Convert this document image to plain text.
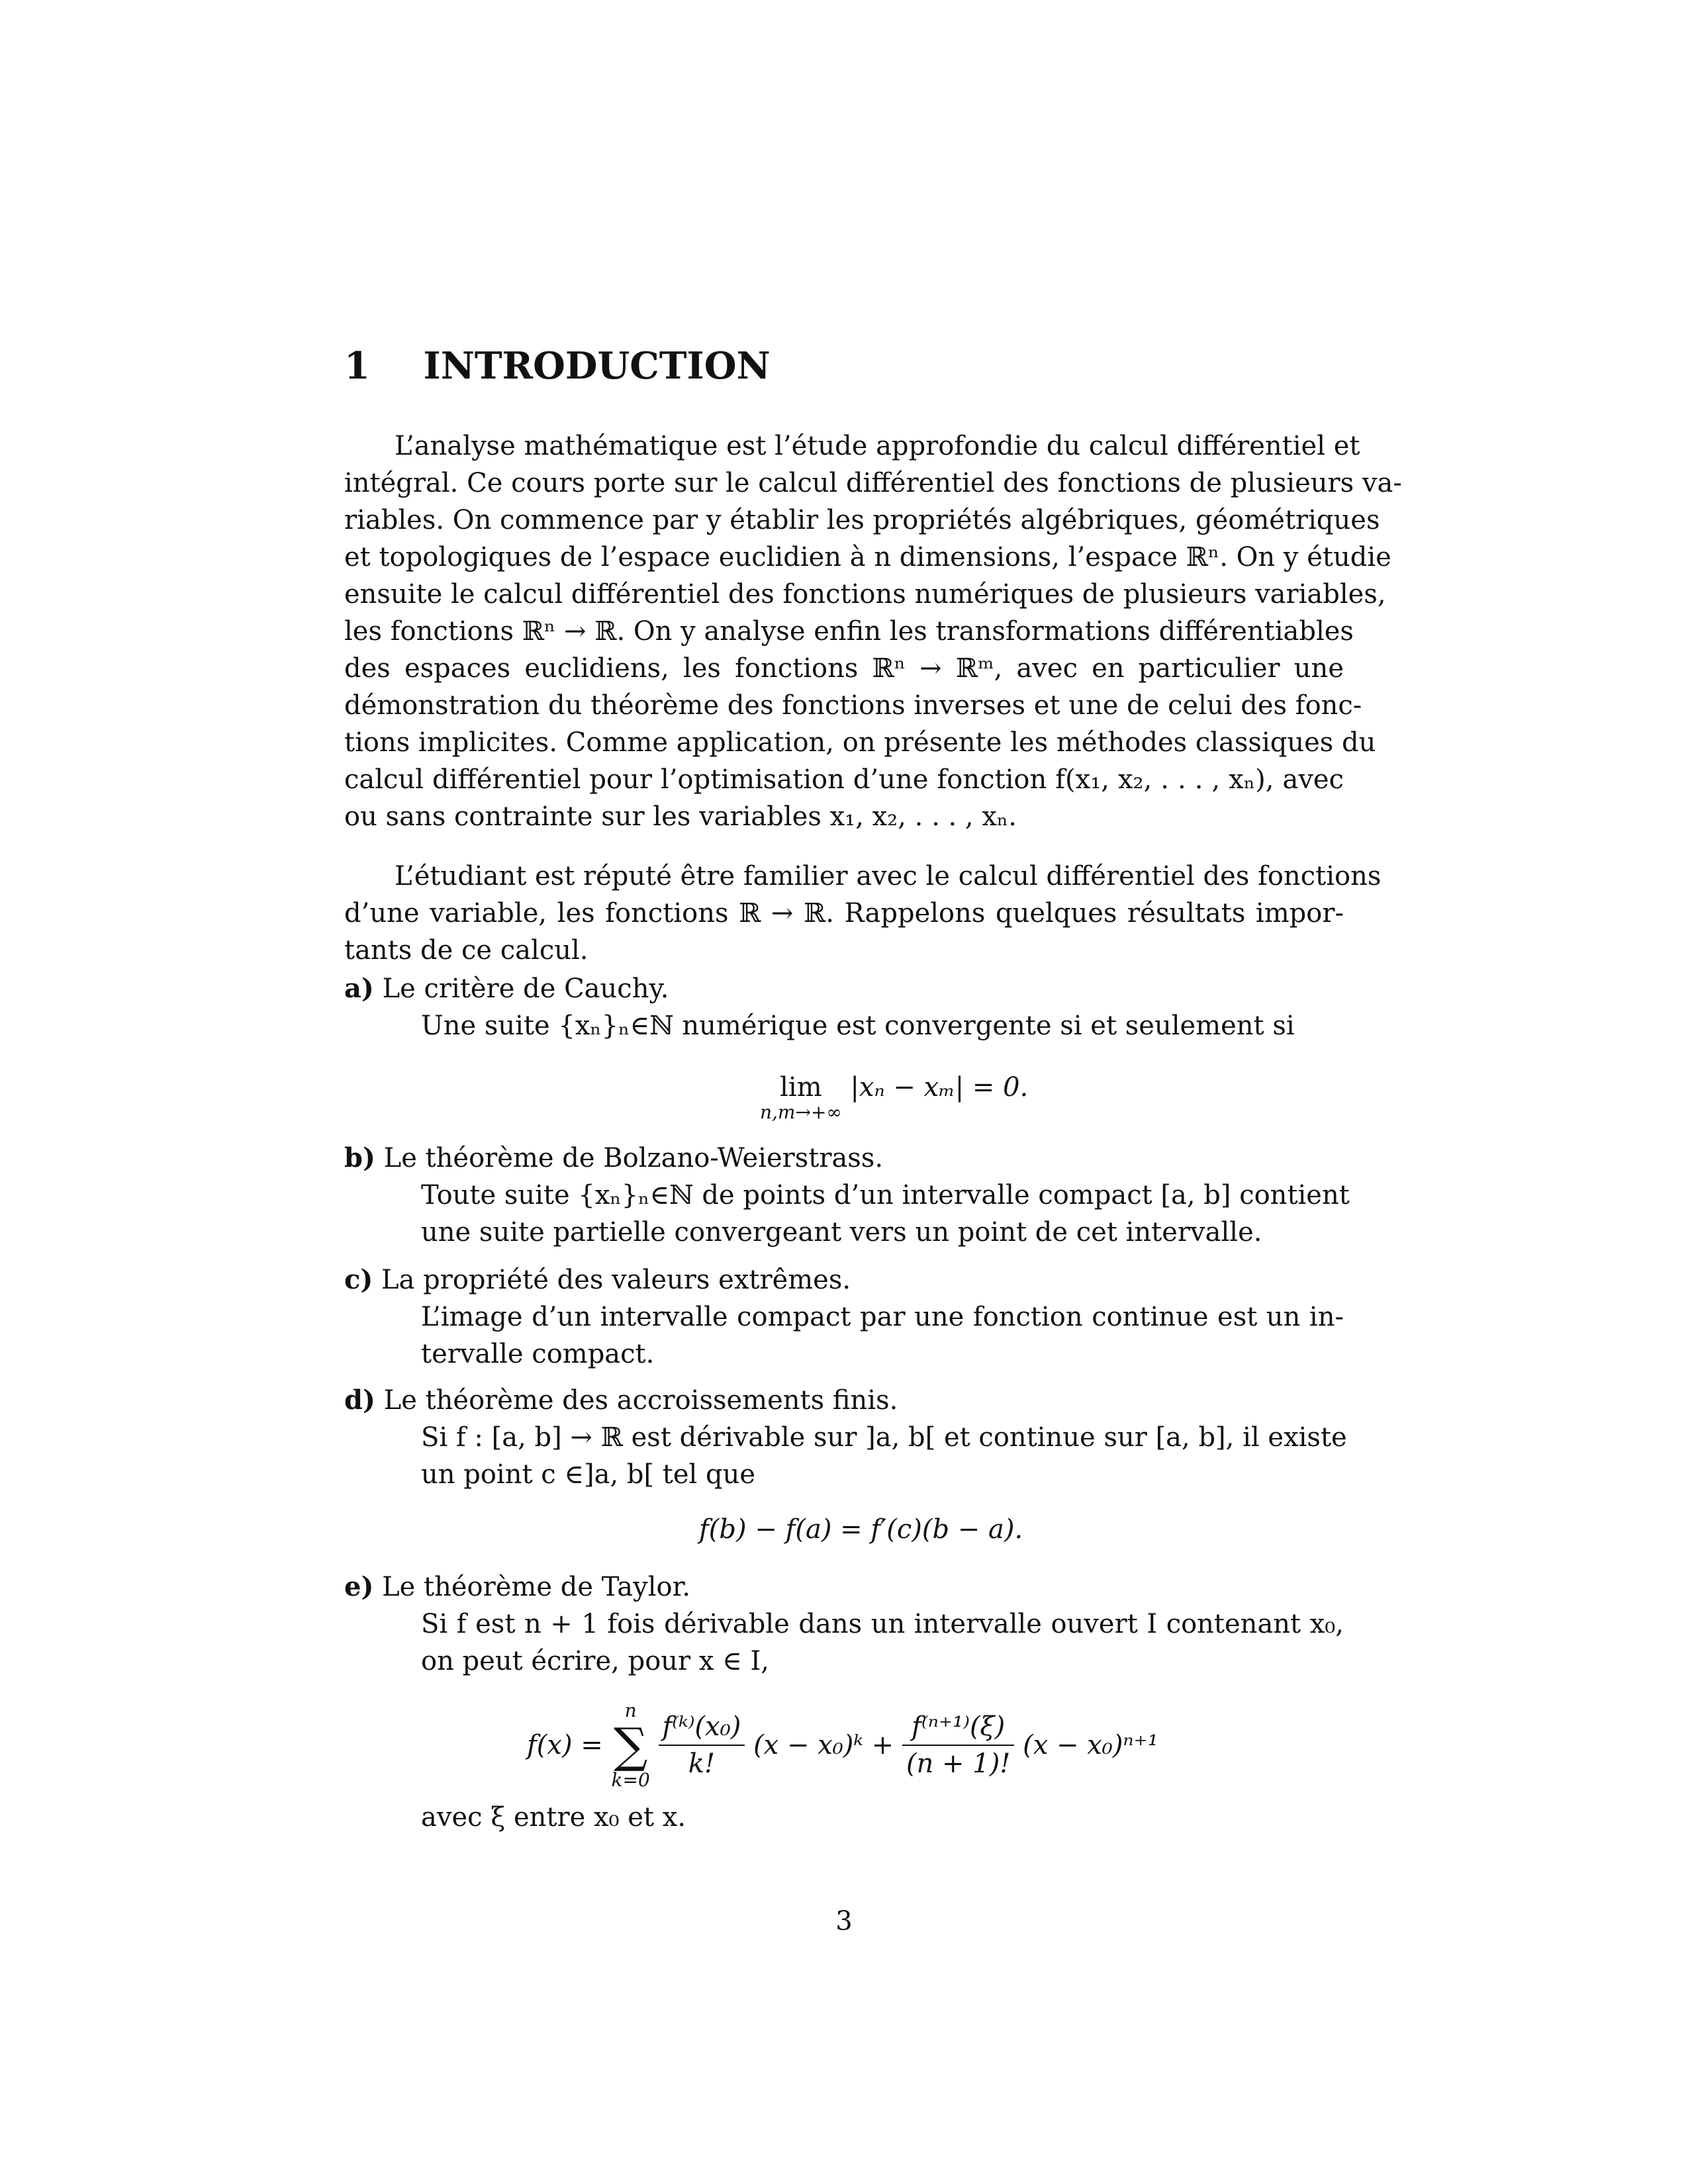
1 INTRODUCTION
L’analyse mathématique est l’étude approfondie du calcul différentiel et
intégral. Ce cours porte sur le calcul différentiel des fonctions de plusieurs va-
riables. On commence par y établir les propriétés algébriques, géométriques
et topologiques de l’espace euclidien à n dimensions, l’espace ℝⁿ. On y étudie
ensuite le calcul différentiel des fonctions numériques de plusieurs variables,
les fonctions ℝⁿ → ℝ. On y analyse enfin les transformations différentiables
des espaces euclidiens, les fonctions ℝⁿ → ℝᵐ, avec en particulier une
démonstration du théorème des fonctions inverses et une de celui des fonc-
tions implicites. Comme application, on présente les méthodes classiques du
calcul différentiel pour l’optimisation d’une fonction f(x₁, x₂, . . . , xₙ), avec
ou sans contrainte sur les variables x₁, x₂, . . . , xₙ.
L’étudiant est réputé être familier avec le calcul différentiel des fonctions
d’une variable, les fonctions ℝ → ℝ. Rappelons quelques résultats impor-
tants de ce calcul.
a) Le critère de Cauchy.
Une suite {xₙ}ₙ∈ℕ numérique est convergente si et seulement si
lim
n,m→+∞
|xₙ − xₘ| = 0.
b) Le théorème de Bolzano-Weierstrass.
Toute suite {xₙ}ₙ∈ℕ de points d’un intervalle compact [a, b] contient
une suite partielle convergeant vers un point de cet intervalle.
c) La propriété des valeurs extrêmes.
L’image d’un intervalle compact par une fonction continue est un in-
tervalle compact.
d) Le théorème des accroissements finis.
Si f : [a, b] → ℝ est dérivable sur ]a, b[ et continue sur [a, b], il existe
un point c ∈]a, b[ tel que
f(b) − f(a) = f′(c)(b − a).
e) Le théorème de Taylor.
Si f est n + 1 fois dérivable dans un intervalle ouvert I contenant x₀,
on peut écrire, pour x ∈ I,
f(x) = n
∑
k=0
$\frac{\text{f⁽ᵏ⁾(x₀)}}{k!} (x$ − x₀)ᵏ + $\frac{\text{f⁽ⁿ⁺¹⁾(ξ)}}{(n + 1)!} (x - x_0)^{n+1}$
avec ξ entre x₀ et x.
3
